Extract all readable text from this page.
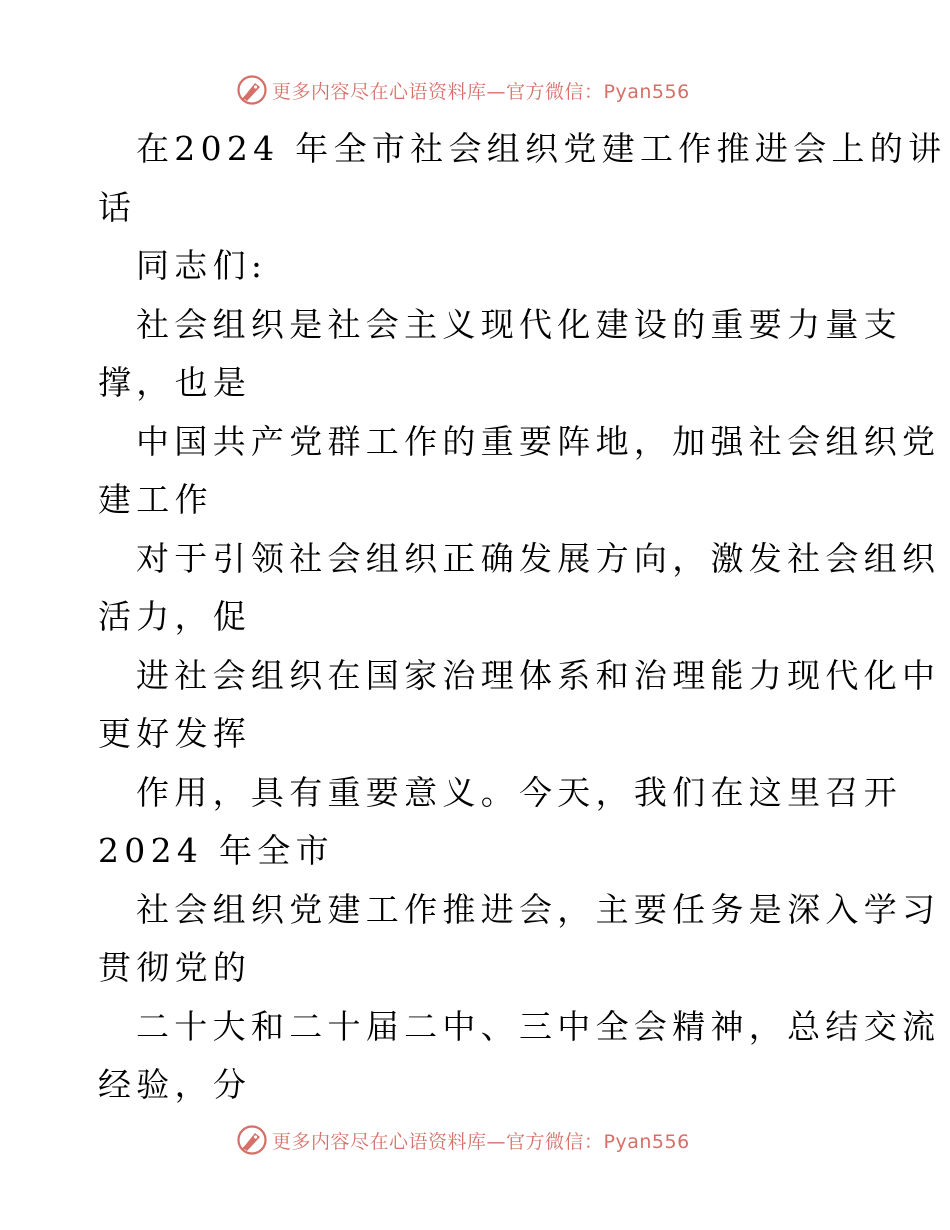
更多内容尽在心语资料库—官方微信：Pyan556
在2024 年全市社会组织党建工作推进会上的讲
话
同志们:
社会组织是社会主义现代化建设的重要力量支
撑，也是
中国共产党群工作的重要阵地，加强社会组织党
建工作
对于引领社会组织正确发展方向，激发社会组织
活力，促
进社会组织在国家治理体系和治理能力现代化中
更好发挥
作用，具有重要意义。今天，我们在这里召开
2024 年全市
社会组织党建工作推进会，主要任务是深入学习
贯彻党的
二十大和二十届二中、三中全会精神，总结交流
经验，分
更多内容尽在心语资料库—官方微信：Pyan556
